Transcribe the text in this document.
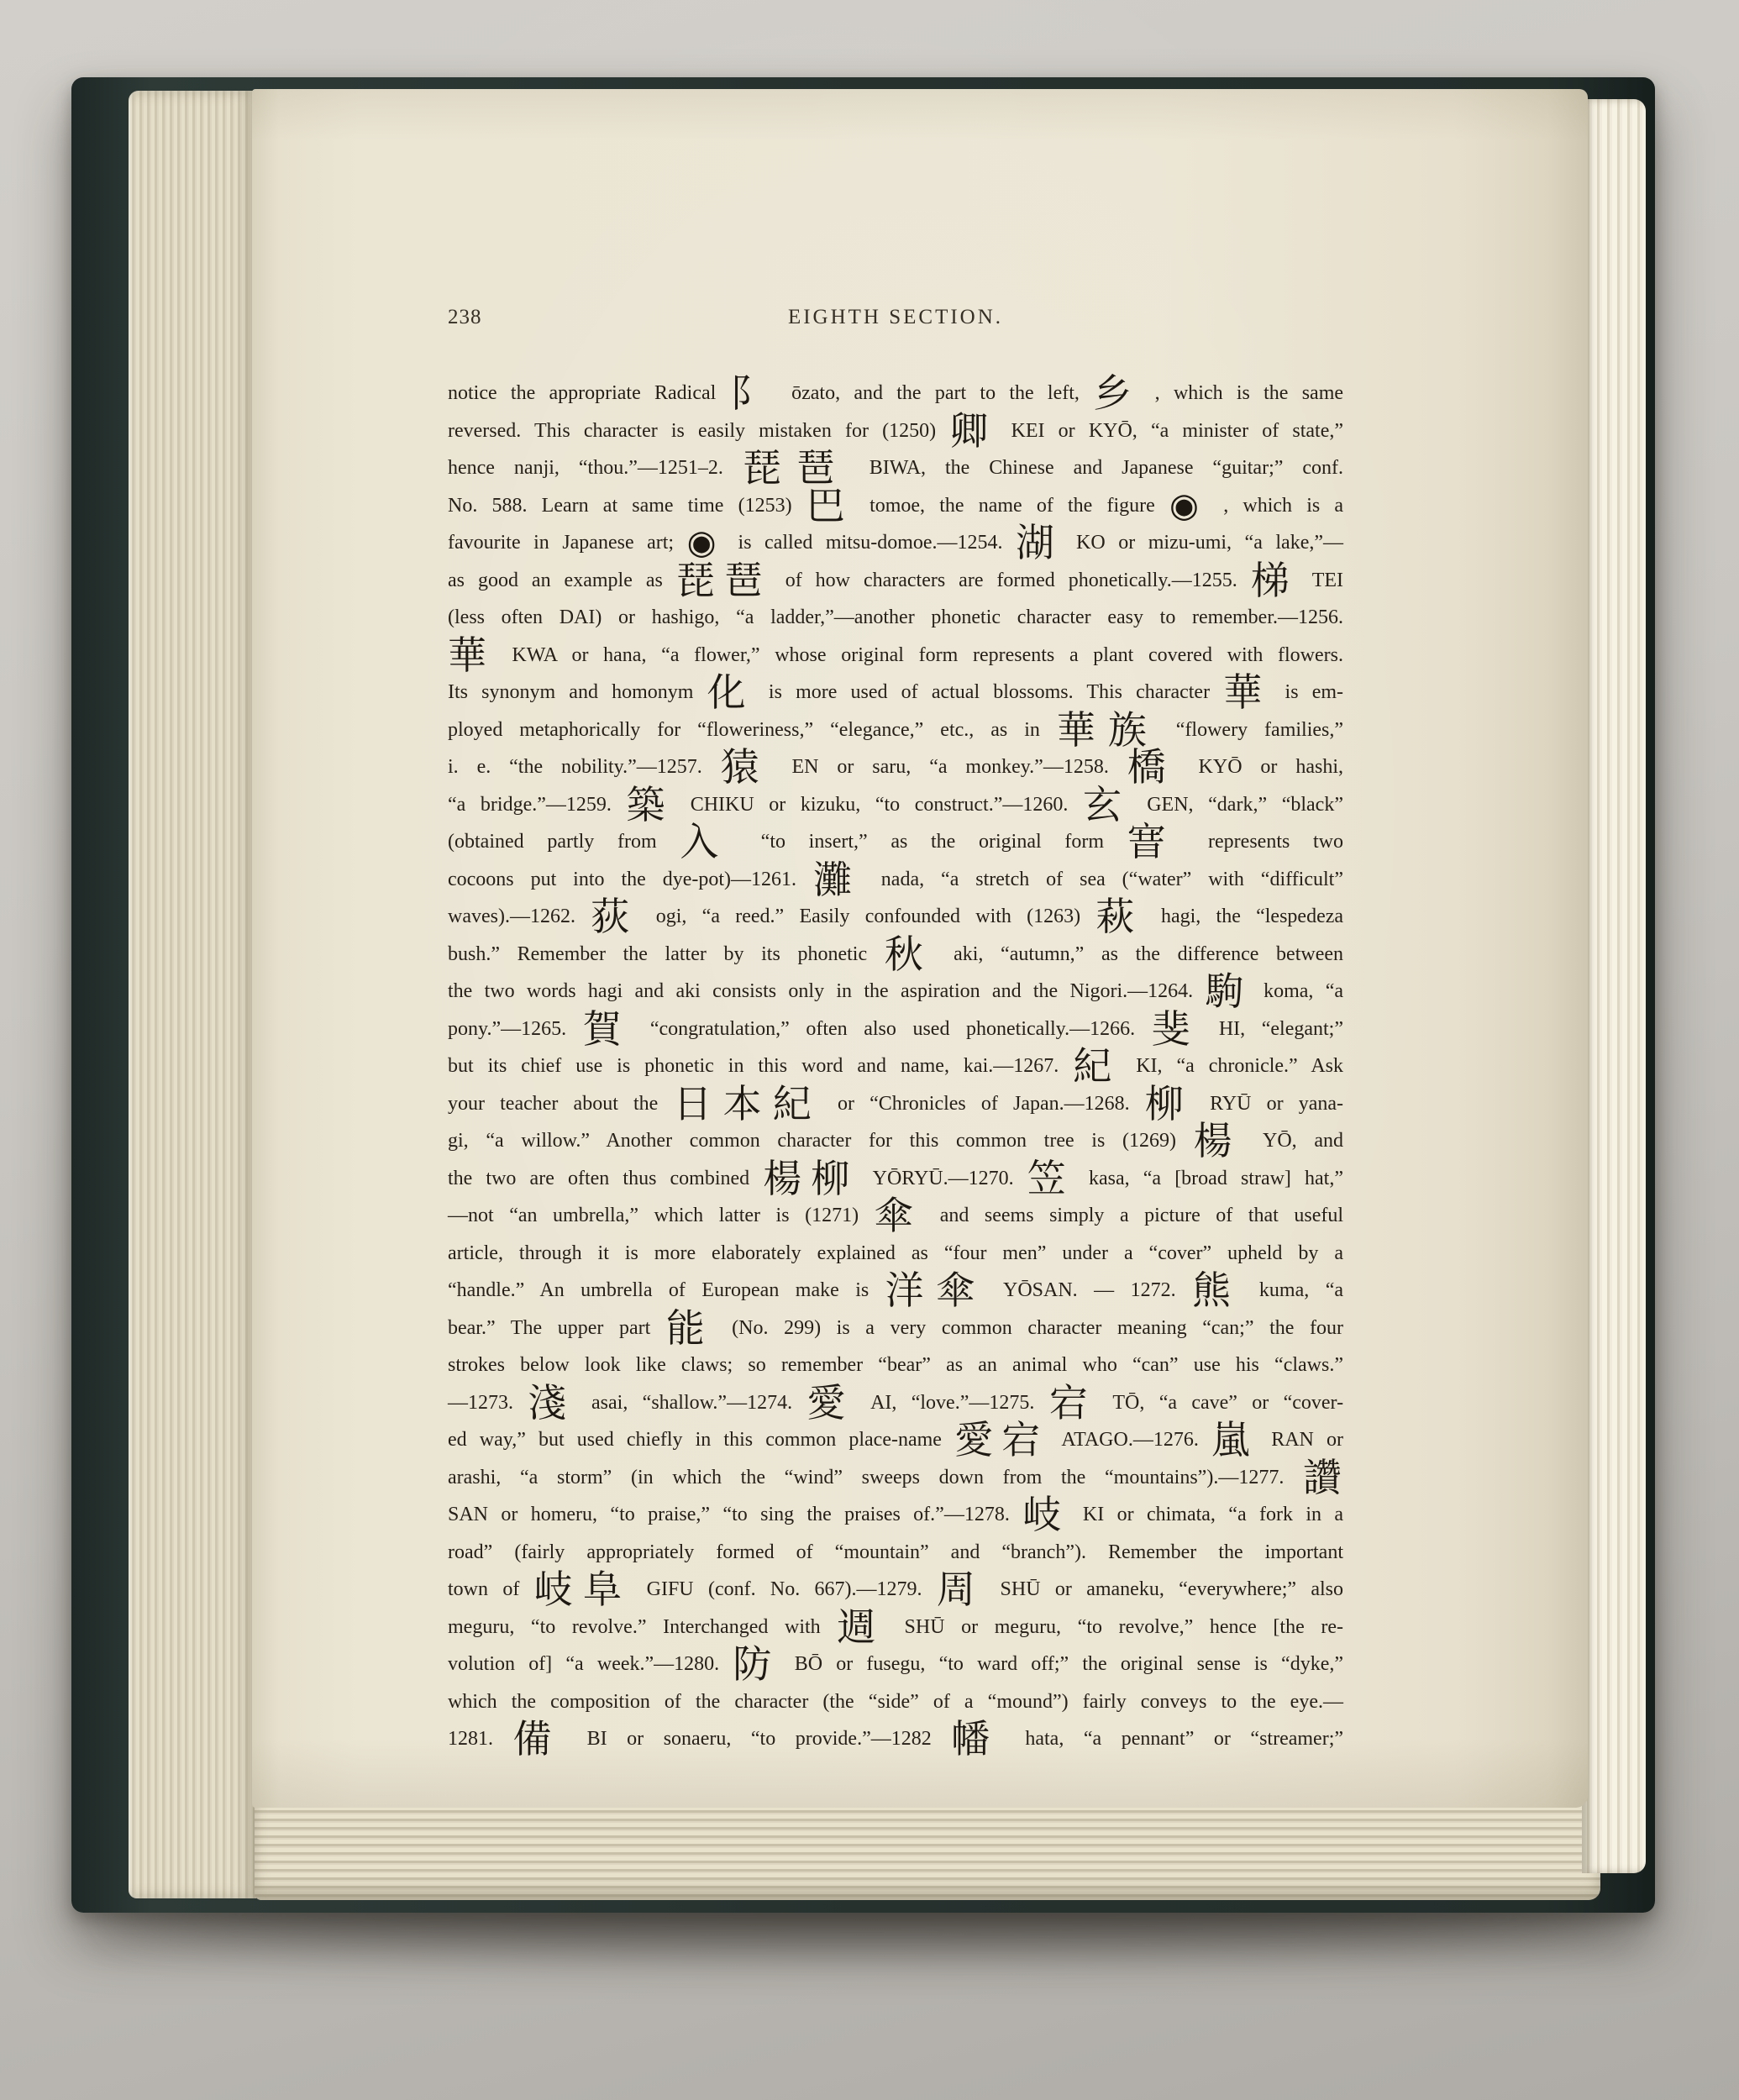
238	EIGHTH SECTION.
notice the appropriate Radical 阝 ōzato, and the part to the left, 乡 , which is the same
reversed. This character is easily mistaken for (1250) 卿 KEI or KYŌ, “a minister of state,”
hence nanji, “thou.”—1251–2. 琵琶 BIWA, the Chinese and Japanese “guitar;” conf.
No. 588. Learn at same time (1253) 巴 tomoe, the name of the figure ◉ , which is a
favourite in Japanese art; ◉ is called mitsu-domoe.—1254. 湖 KO or mizu-umi, “a lake,”—
as good an example as 琵琶 of how characters are formed phonetically.—1255. 梯 TEI
(less often DAI) or hashigo, “a ladder,”—another phonetic character easy to remember.—1256.
華 KWA or hana, “a flower,” whose original form represents a plant covered with flowers.
Its synonym and homonym 化 is more used of actual blossoms. This character 華 is em-
ployed metaphorically for “floweriness,” “elegance,” etc., as in 華族 “flowery families,”
i. e. “the nobility.”—1257. 猿 EN or saru, “a monkey.”—1258. 橋 KYŌ or hashi,
“a bridge.”—1259. 築 CHIKU or kizuku, “to construct.”—1260. 玄 GEN, “dark,” “black”
(obtained partly from 入 “to insert,” as the original form 㝜 represents two
cocoons put into the dye-pot)—1261. 灘 nada, “a stretch of sea (“water” with “difficult”
waves).—1262. 荻 ogi, “a reed.” Easily confounded with (1263) 萩 hagi, the “lespedeza
bush.” Remember the latter by its phonetic 秋 aki, “autumn,” as the difference between
the two words hagi and aki consists only in the aspiration and the Nigori.—1264. 駒 koma, “a
pony.”—1265. 賀 “congratulation,” often also used phonetically.—1266. 斐 HI, “elegant;”
but its chief use is phonetic in this word and name, kai.—1267. 紀 KI, “a chronicle.” Ask
your teacher about the 日本紀 or “Chronicles of Japan.—1268. 柳 RYŪ or yana-
gi, “a willow.” Another common character for this common tree is (1269) 楊 YŌ, and
the two are often thus combined 楊柳 YŌRYŪ.—1270. 笠 kasa, “a [broad straw] hat,”
—not “an umbrella,” which latter is (1271) 傘 and seems simply a picture of that useful
article, through it is more elaborately explained as “four men” under a “cover” upheld by a
“handle.” An umbrella of European make is 洋傘 YŌSAN. — 1272. 熊 kuma, “a
bear.” The upper part 能 (No. 299) is a very common character meaning “can;” the four
strokes below look like claws; so remember “bear” as an animal who “can” use his “claws.”
—1273. 淺 asai, “shallow.”—1274. 愛 AI, “love.”—1275. 宕 TŌ, “a cave” or “cover-
ed way,” but used chiefly in this common place-name 愛宕 ATAGO.—1276. 嵐 RAN or
arashi, “a storm” (in which the “wind” sweeps down from the “mountains”).—1277. 讚
SAN or homeru, “to praise,” “to sing the praises of.”—1278. 岐 KI or chimata, “a fork in a
road” (fairly appropriately formed of “mountain” and “branch”). Remember the important
town of 岐阜 GIFU (conf. No. 667).—1279. 周 SHŪ or amaneku, “everywhere;” also
meguru, “to revolve.” Interchanged with 週 SHŪ or meguru, “to revolve,” hence [the re-
volution of] “a week.”—1280. 防 BŌ or fusegu, “to ward off;” the original sense is “dyke,”
which the composition of the character (the “side” of a “mound”) fairly conveys to the eye.—
1281. 備 BI or sonaeru, “to provide.”—1282 幡 hata, “a pennant” or “streamer;”
